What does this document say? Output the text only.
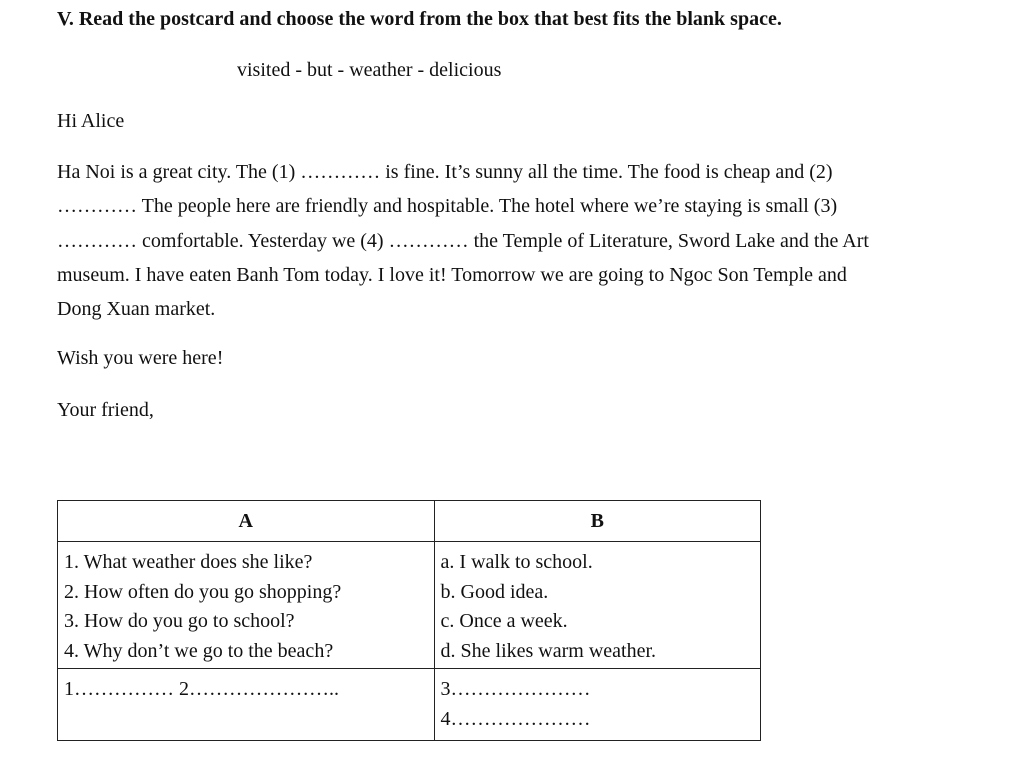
V. Read the postcard and choose the word from the box that best fits the blank space.
visited - but - weather - delicious
Hi Alice
Ha Noi is a great city. The (1) ………… is fine. It’s sunny all the time. The food is cheap and (2)
………… The people here are friendly and hospitable. The hotel where we’re staying is small (3)
………… comfortable. Yesterday we (4) ………… the Temple of Literature, Sword Lake and the Art
museum. I have eaten Banh Tom today. I love it! Tomorrow we are going to Ngoc Son Temple and
Dong Xuan market.
Wish you were here!
Your friend,
A	B

1. What weather does she like?
2. How often do you go shopping?
3. How do you go to school?
4. Why don’t we go to the beach?	a. I walk to school.
b. Good idea.
c. Once a week.
d. She likes warm weather.

1…………… 2…………………..	3…………………
4…………………
